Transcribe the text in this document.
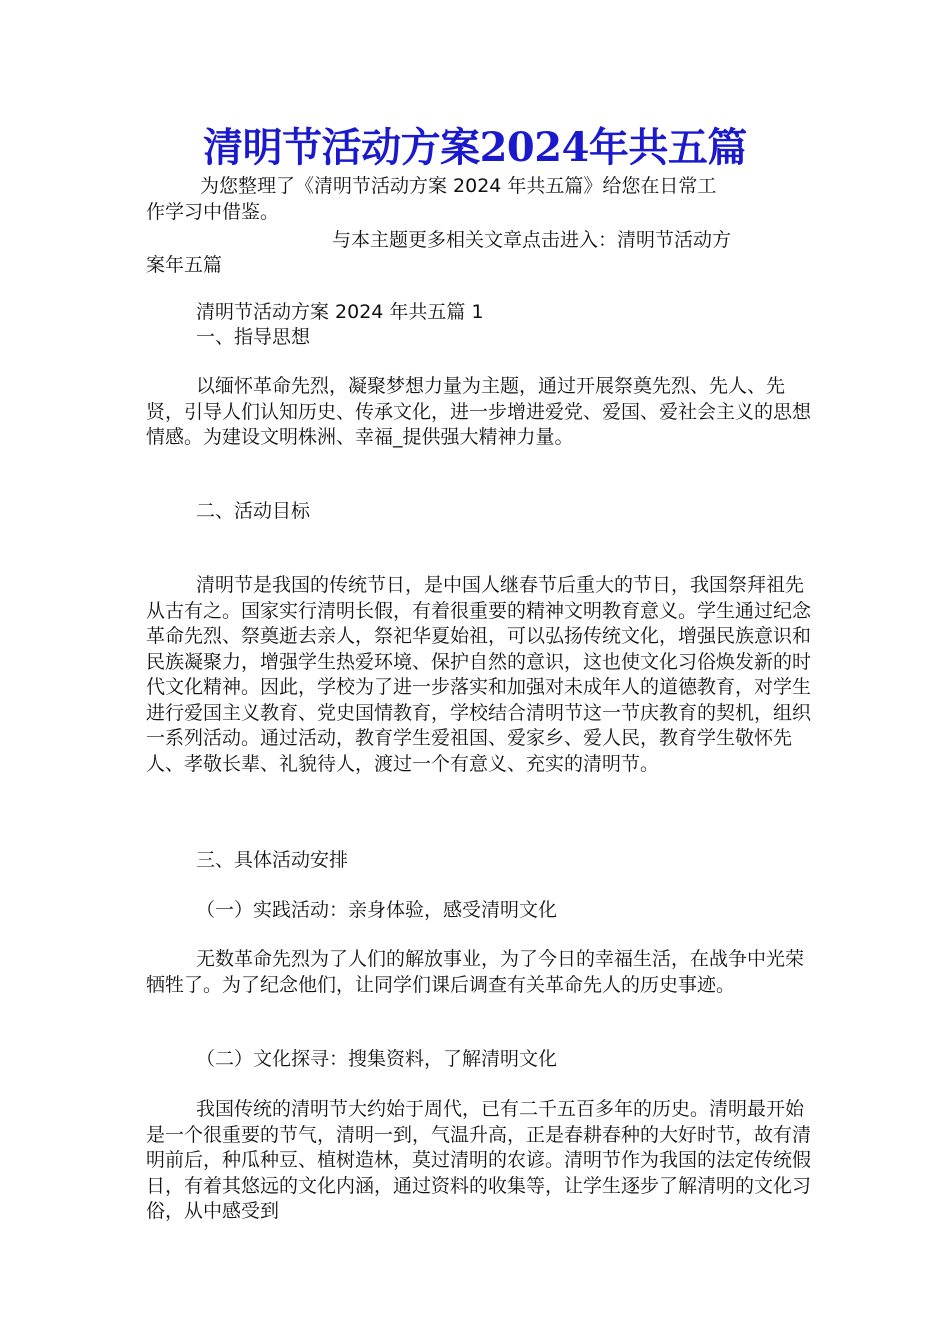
清明节活动方案2024年共五篇
为您整理了《清明节活动方案 2024 年共五篇》给您在日常工
作学习中借鉴。
与本主题更多相关文章点击进入：清明节活动方
案年五篇
清明节活动方案 2024 年共五篇 1
一、指导思想

以缅怀革命先烈，凝聚梦想力量为主题，通过开展祭奠先烈、先人、先贤，引导人们认知历史、传承文化，进一步增进爱党、爱国、爱社会主义的思想情感。为建设文明株洲、幸福_提供强大精神力量。

二、活动目标

清明节是我国的传统节日，是中国人继春节后重大的节日，我国祭拜祖先从古有之。国家实行清明长假，有着很重要的精神文明教育意义。学生通过纪念革命先烈、祭奠逝去亲人，祭祀华夏始祖，可以弘扬传统文化，增强民族意识和民族凝聚力，增强学生热爱环境、保护自然的意识，这也使文化习俗焕发新的时代文化精神。因此，学校为了进一步落实和加强对未成年人的道德教育，对学生进行爱国主义教育、党史国情教育，学校结合清明节这一节庆教育的契机，组织一系列活动。通过活动，教育学生爱祖国、爱家乡、爱人民，教育学生敬怀先人、孝敬长辈、礼貌待人，渡过一个有意义、充实的清明节。

三、具体活动安排
（一）实践活动：亲身体验，感受清明文化

无数革命先烈为了人们的解放事业，为了今日的幸福生活，在战争中光荣牺牲了。为了纪念他们，让同学们课后调查有关革命先人的历史事迹。

（二）文化探寻：搜集资料，了解清明文化

我国传统的清明节大约始于周代，已有二千五百多年的历史。清明最开始是一个很重要的节气，清明一到，气温升高，正是春耕春种的大好时节，故有清明前后，种瓜种豆、植树造林，莫过清明的农谚。清明节作为我国的法定传统假日，有着其悠远的文化内涵，通过资料的收集等，让学生逐步了解清明的文化习俗，从中感受到
